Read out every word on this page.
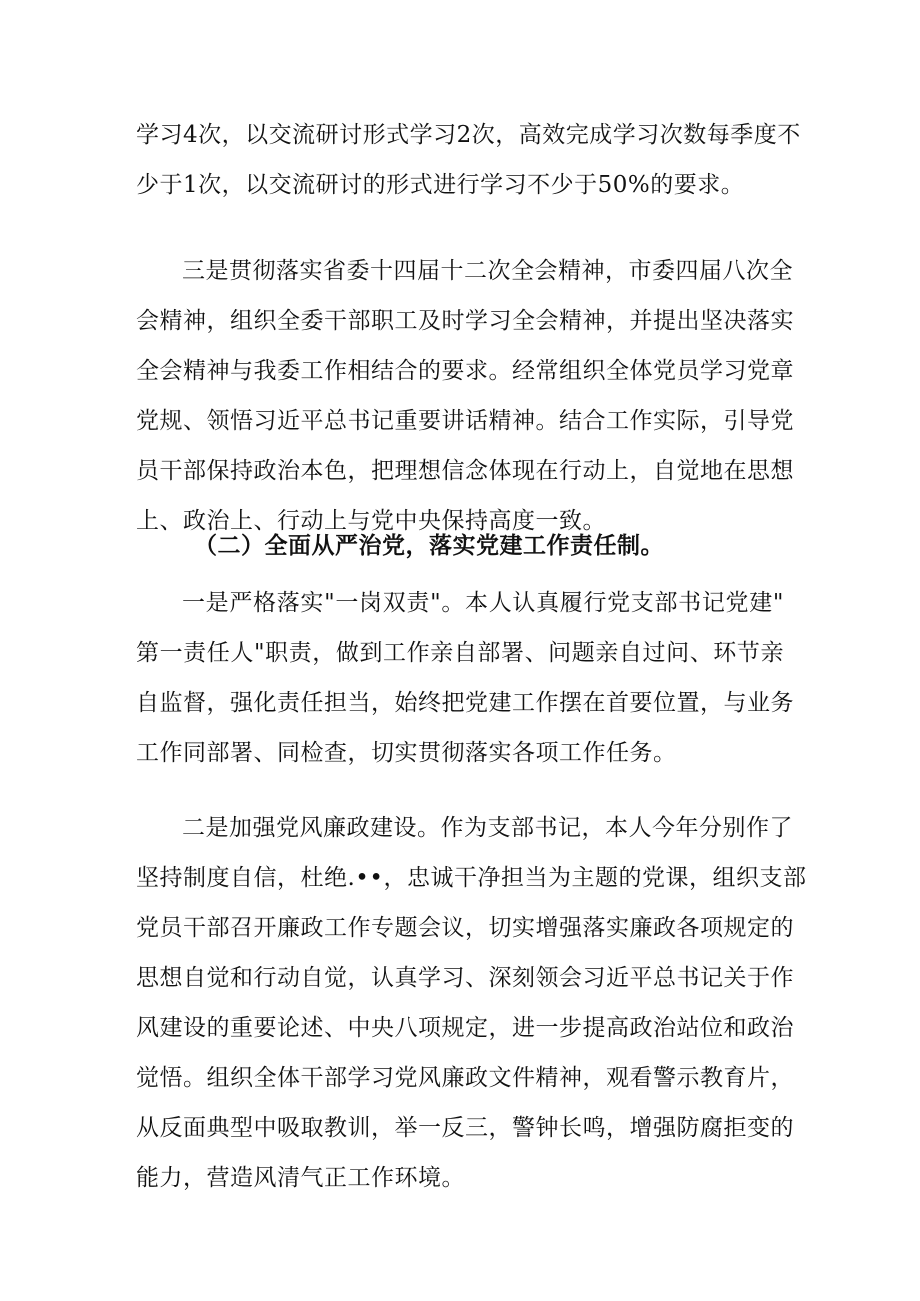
学习4次，以交流研讨形式学习2次，高效完成学习次数每季度不
少于1次，以交流研讨的形式进行学习不少于50%的要求。
三是贯彻落实省委十四届十二次全会精神，市委四届八次全
会精神，组织全委干部职工及时学习全会精神，并提出坚决落实
全会精神与我委工作相结合的要求。经常组织全体党员学习党章
党规、领悟习近平总书记重要讲话精神。结合工作实际，引导党
员干部保持政治本色，把理想信念体现在行动上，自觉地在思想
上、政治上、行动上与党中央保持高度一致。
（二）全面从严治党，落实党建工作责任制。
一是严格落实"一岗双责"。本人认真履行党支部书记党建"
第一责任人"职责，做到工作亲自部署、问题亲自过问、环节亲
自监督，强化责任担当，始终把党建工作摆在首要位置，与业务
工作同部署、同检查，切实贯彻落实各项工作任务。
二是加强党风廉政建设。作为支部书记，本人今年分别作了
坚持制度自信，杜绝.••，忠诚干净担当为主题的党课，组织支部
党员干部召开廉政工作专题会议，切实增强落实廉政各项规定的
思想自觉和行动自觉，认真学习、深刻领会习近平总书记关于作
风建设的重要论述、中央八项规定，进一步提高政治站位和政治
觉悟。组织全体干部学习党风廉政文件精神，观看警示教育片，
从反面典型中吸取教训，举一反三，警钟长鸣，增强防腐拒变的
能力，营造风清气正工作环境。
